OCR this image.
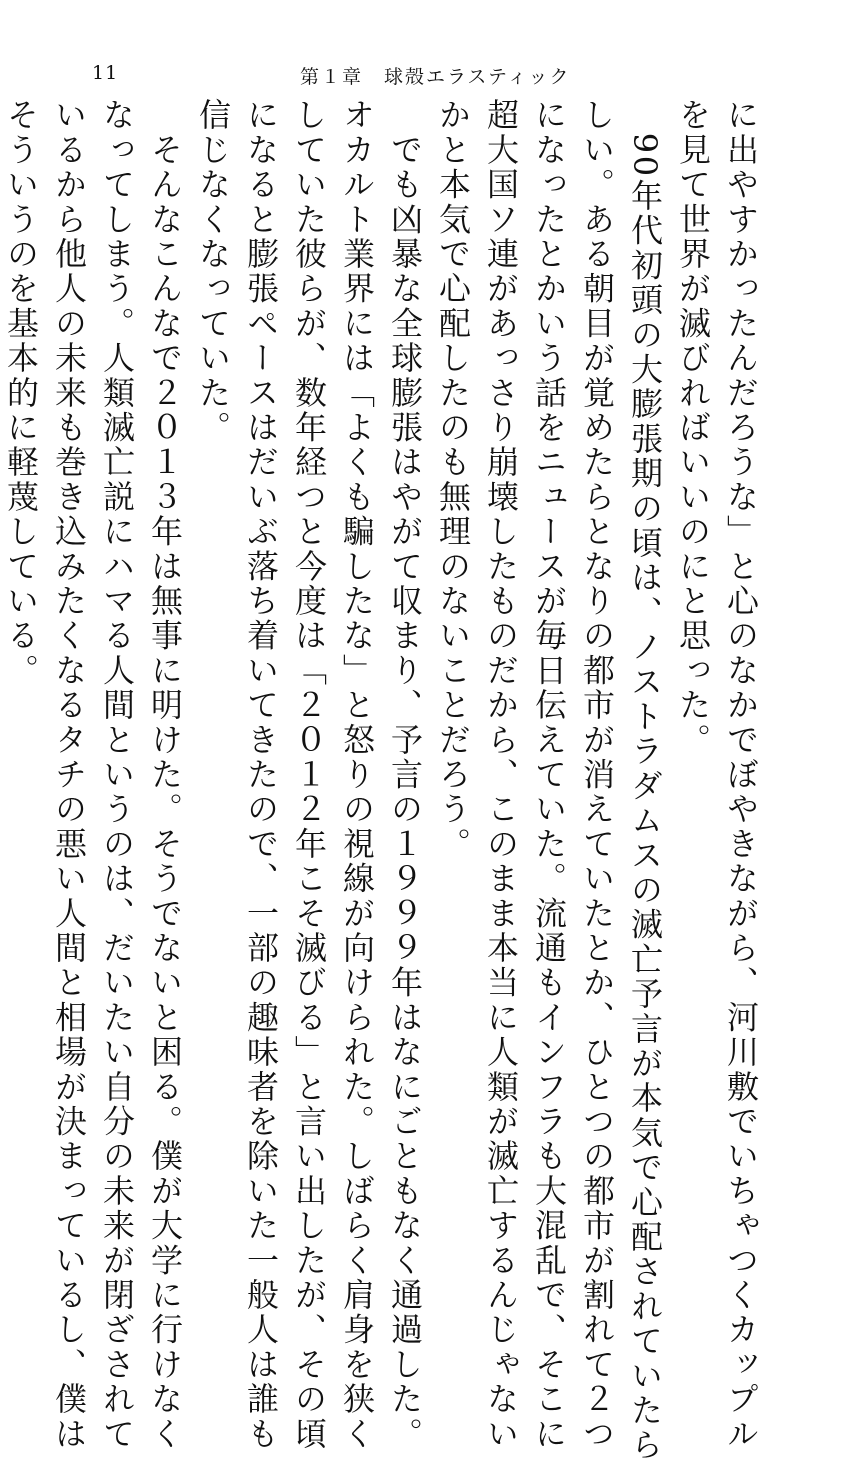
11	第１章　球殻エラスティック
に出やすかったんだろうな」と心のなかでぼやきながら、河川敷でいちゃつくカップル
を見て世界が滅びればいいのにと思った。
　90年代初頭の大膨張期の頃は、ノストラダムスの滅亡予言が本気で心配されていたら
しい。ある朝目が覚めたらとなりの都市が消えていたとか、ひとつの都市が割れて２つ
になったとかいう話をニュースが毎日伝えていた。流通もインフラも大混乱で、そこに
超大国ソ連があっさり崩壊したものだから、このまま本当に人類が滅亡するんじゃない
かと本気で心配したのも無理のないことだろう。
　でも凶暴な全球膨張はやがて収まり、予言の１９９９年はなにごともなく通過した。
オカルト業界には「よくも騙したな」と怒りの視線が向けられた。しばらく肩身を狭く
していた彼らが、数年経つと今度は「２０１２年こそ滅びる」と言い出したが、その頃
になると膨張ペースはだいぶ落ち着いてきたので、一部の趣味者を除いた一般人は誰も
信じなくなっていた。
　そんなこんなで２０１３年は無事に明けた。そうでないと困る。僕が大学に行けなく
なってしまう。人類滅亡説にハマる人間というのは、だいたい自分の未来が閉ざされて
いるから他人の未来も巻き込みたくなるタチの悪い人間と相場が決まっているし、僕は
そういうのを基本的に軽蔑している。
